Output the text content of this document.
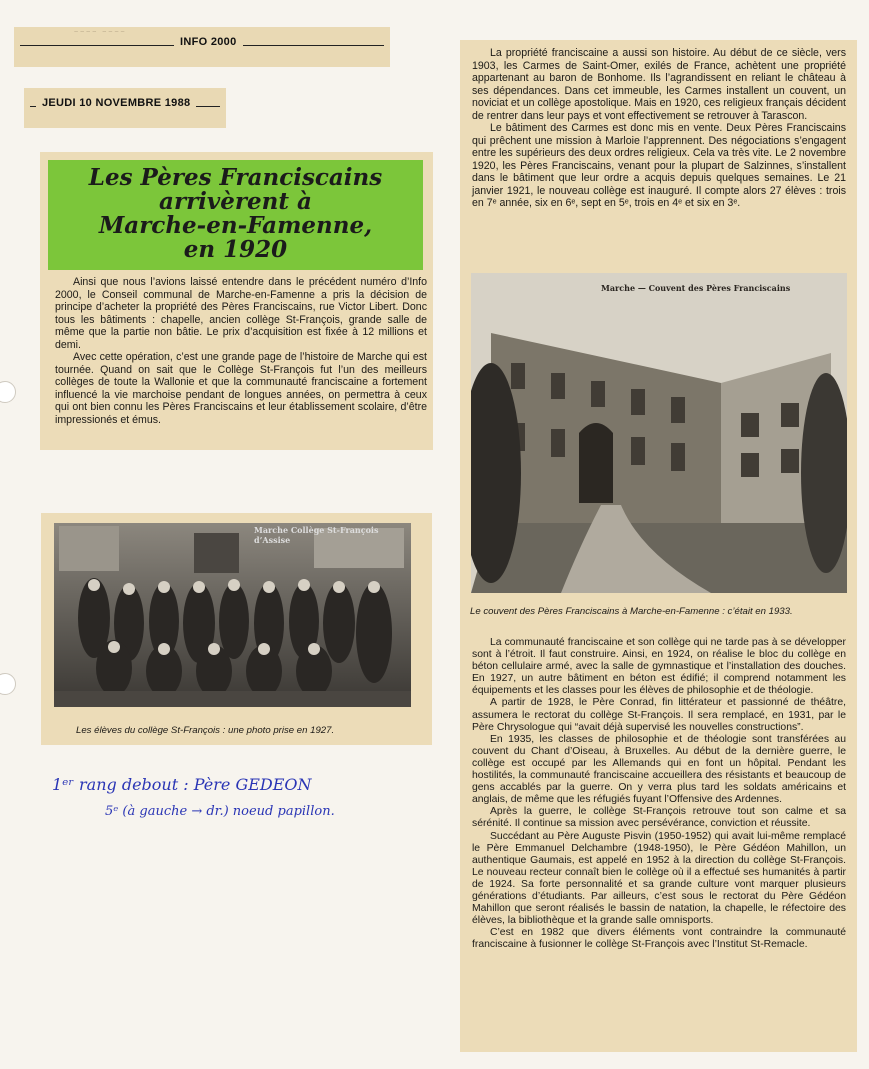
~~~~ ~~~~
INFO 2000
JEUDI 10 NOVEMBRE 1988
Les Pères Franciscains
arrivèrent à
Marche-en-Famenne,
en 1920

Ainsi que nous l’avions laissé entendre dans le précédent numéro d’Info 2000, le Conseil communal de Marche-en-Famenne a pris la décision de principe d’acheter la propriété des Pères Franciscains, rue Victor Libert. Donc tous les bâtiments : chapelle, ancien collège St-François, grande salle de même que la partie non bâtie. Le prix d’acquisition est fixée à 12 millions et demi.

Avec cette opération, c’est une grande page de l’histoire de Marche qui est tournée. Quand on sait que le Collège St-François fut l’un des meilleurs collèges de toute la Wallonie et que la communauté franciscaine a fortement influencé la vie marchoise pendant de longues années, on permettra à ceux qui ont bien connu les Pères Franciscains et leur établissement scolaire, d’être impressionés et émus.

Marche Collège St-François d’Assise
Les élèves du collège St-François : une photo prise en 1927.
1ᵉʳ rang debout : Père GEDEON
5ᵉ (à gauche → dr.) noeud papillon.

La propriété franciscaine a aussi son histoire. Au début de ce siècle, vers 1903, les Carmes de Saint-Omer, exilés de France, achètent une propriété appartenant au baron de Bonhome. Ils l’agrandissent en reliant le château à ses dépendances. Dans cet immeuble, les Carmes installent un couvent, un noviciat et un collège apostolique. Mais en 1920, ces religieux français décident de rentrer dans leur pays et vont effectivement se retrouver à Tarascon.

Le bâtiment des Carmes est donc mis en vente. Deux Pères Franciscains qui prêchent une mission à Marloie l’apprennent. Des négociations s’engagent entre les supérieurs des deux ordres religieux. Cela va très vite. Le 2 novembre 1920, les Pères Franciscains, venant pour la plupart de Salzinnes, s’installent dans le bâtiment que leur ordre a acquis depuis quelques semaines. Le 21 janvier 1921, le nouveau collège est inauguré. Il compte alors 27 élèves : trois en 7ᵉ année, six en 6ᵉ, sept en 5ᵉ, trois en 4ᵉ et six en 3ᵉ.

Marche — Couvent des Pères Franciscains
Le couvent des Pères Franciscains à Marche-en-Famenne : c’était en 1933.

La communauté franciscaine et son collège qui ne tarde pas à se développer sont à l’étroit. Il faut construire. Ainsi, en 1924, on réalise le bloc du collège en béton cellulaire armé, avec la salle de gymnastique et l’installation des douches. En 1927, un autre bâtiment en béton est édifié; il comprend notamment les équipements et les classes pour les élèves de philosophie et de théologie.

A partir de 1928, le Père Conrad, fin littérateur et passionné de théâtre, assumera le rectorat du collège St-François. Il sera remplacé, en 1931, par le Père Chrysologue qui “avait déjà supervisé les nouvelles constructions”.

En 1935, les classes de philosophie et de théologie sont transférées au couvent du Chant d’Oiseau, à Bruxelles. Au début de la dernière guerre, le collège est occupé par les Allemands qui en font un hôpital. Pendant les hostilités, la communauté franciscaine accueillera des résistants et beaucoup de gens accablés par la guerre. On y verra plus tard les soldats américains et anglais, de même que les réfugiés fuyant l’Offensive des Ardennes.

Après la guerre, le collège St-François retrouve tout son calme et sa sérénité. Il continue sa mission avec persévérance, conviction et réussite.

Succédant au Père Auguste Pisvin (1950-1952) qui avait lui-même remplacé le Père Emmanuel Delchambre (1948-1950), le Père Gédéon Mahillon, un authentique Gaumais, est appelé en 1952 à la direction du collège St-François. Le nouveau recteur connaît bien le collège où il a effectué ses humanités à partir de 1924. Sa forte personnalité et sa grande culture vont marquer plusieurs générations d’étudiants. Par ailleurs, c’est sous le rectorat du Père Gédéon Mahillon que seront réalisés le bassin de natation, la chapelle, le réfectoire des élèves, la bibliothèque et la grande salle omnisports.

C’est en 1982 que divers éléments vont contraindre la communauté franciscaine à fusionner le collège St-François avec l’Institut St-Remacle.
